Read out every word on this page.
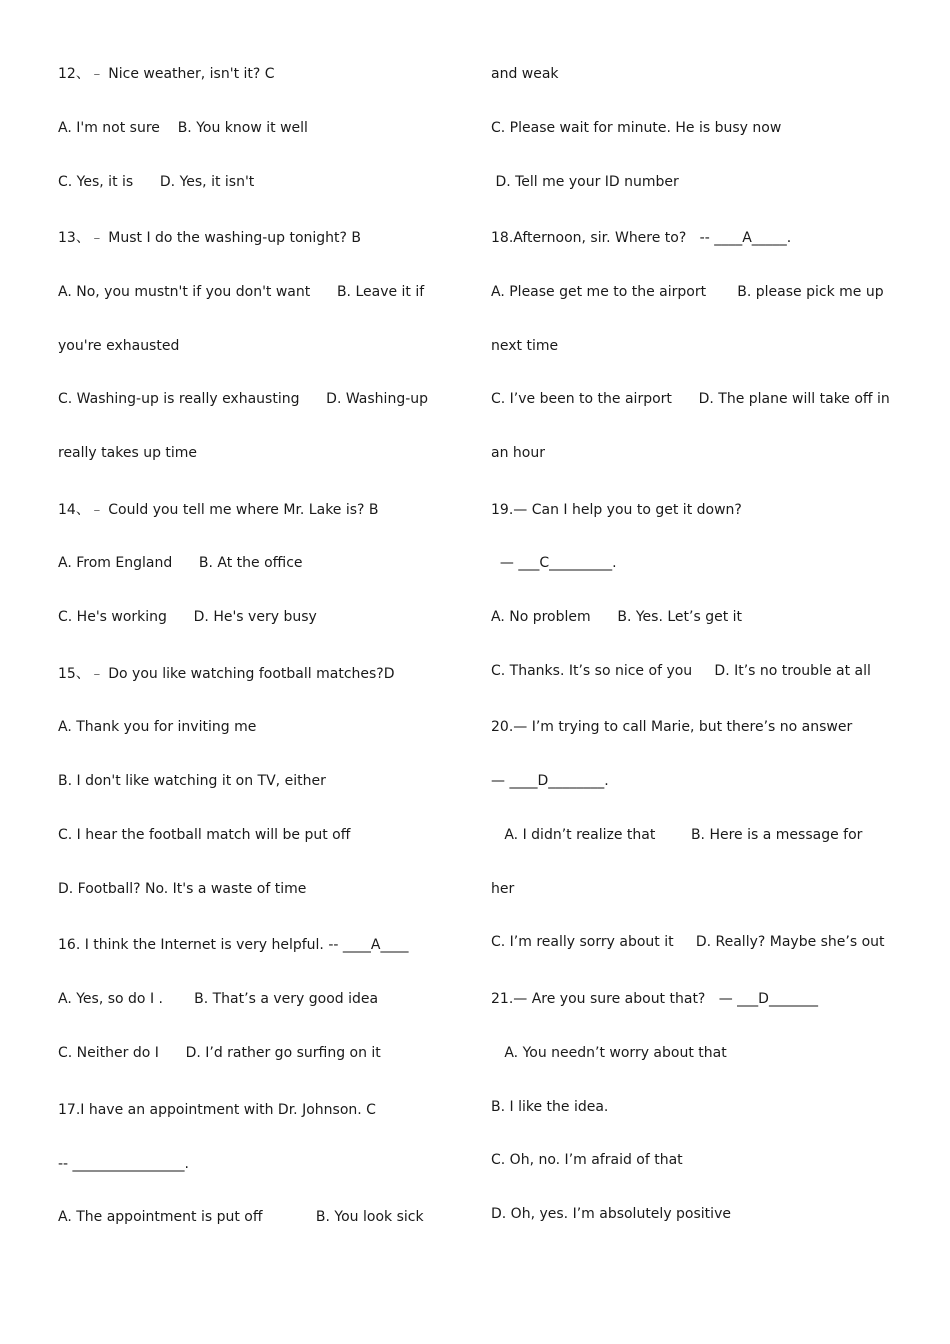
12、﹣ Nice weather, isn't it? C
A. I'm not sure    B. You know it well
C. Yes, it is      D. Yes, it isn't
13、﹣ Must I do the washing-up tonight? B
A. No, you mustn't if you don't want      B. Leave it if
you're exhausted
C. Washing-up is really exhausting      D. Washing-up
really takes up time
14、﹣ Could you tell me where Mr. Lake is? B
A. From England      B. At the office
C. He's working      D. He's very busy
15、﹣ Do you like watching football matches?D
A. Thank you for inviting me
B. I don't like watching it on TV, either
C. I hear the football match will be put off
D. Football? No. It's a waste of time
16. I think the Internet is very helpful. -- ____A____
A. Yes, so do I .       B. That’s a very good idea
C. Neither do I      D. I’d rather go surfing on it
17.I have an appointment with Dr. Johnson. C
-- ________________.
A. The appointment is put off            B. You look sick
and weak
C. Please wait for minute. He is busy now
D. Tell me your ID number
18.Afternoon, sir. Where to?   -- ____A_____.
A. Please get me to the airport       B. please pick me up
next time
C. I’ve been to the airport      D. The plane will take off in
an hour
19.— Can I help you to get it down?
— ___C_________.
A. No problem      B. Yes. Let’s get it
C. Thanks. It’s so nice of you     D. It’s no trouble at all
20.— I’m trying to call Marie, but there’s no answer
— ____D________.
A. I didn’t realize that        B. Here is a message for
her
C. I’m really sorry about it     D. Really? Maybe she’s out
21.— Are you sure about that?   — ___D_______
A. You needn’t worry about that
B. I like the idea.
C. Oh, no. I’m afraid of that
D. Oh, yes. I’m absolutely positive
